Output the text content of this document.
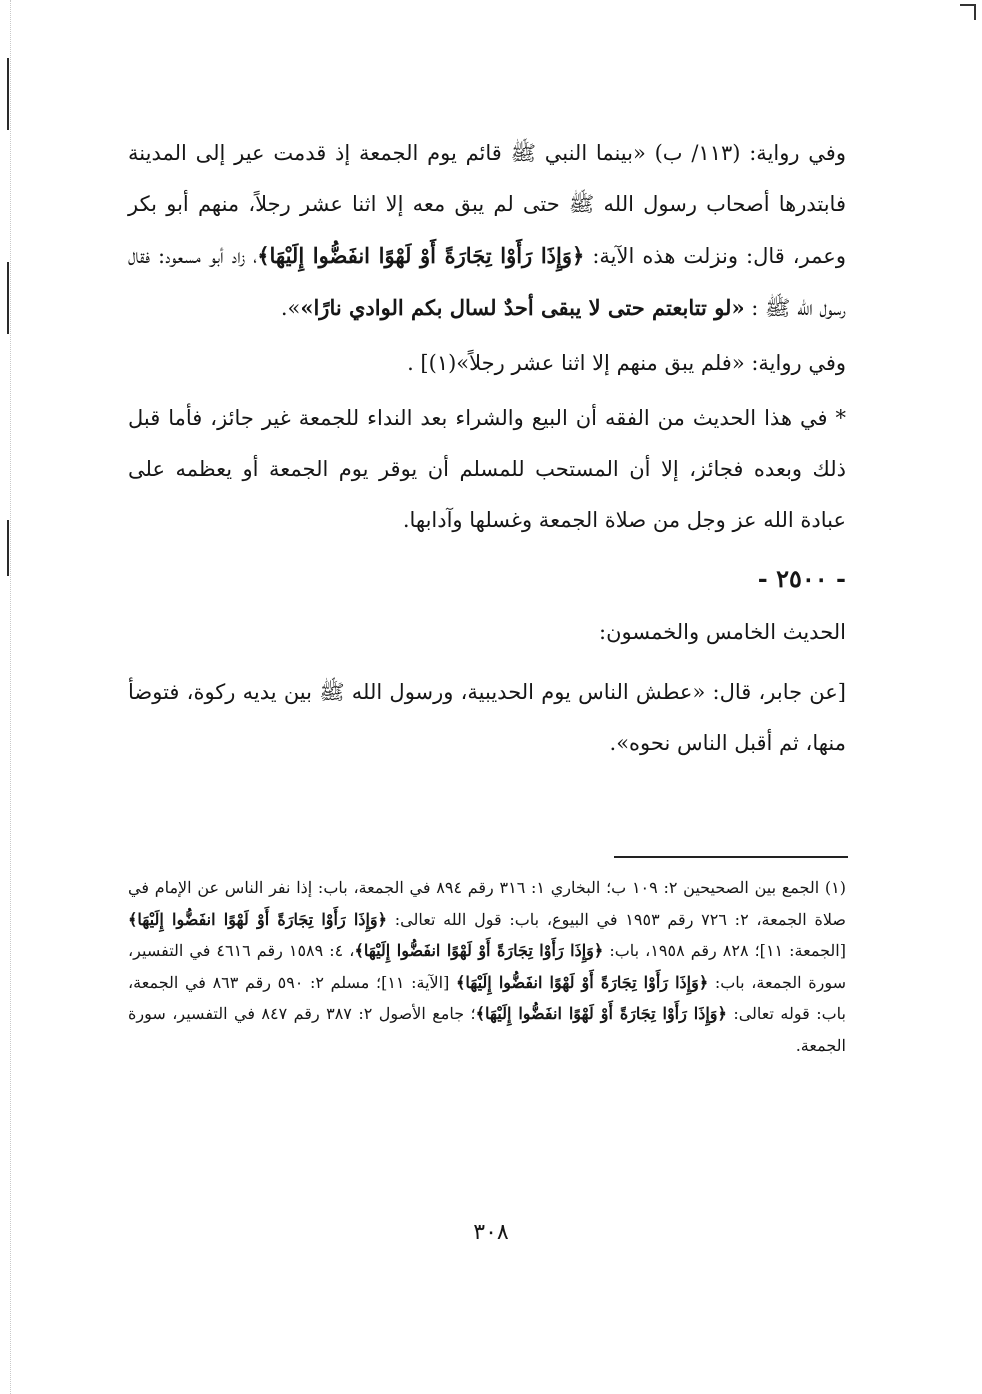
وفي رواية: (١١٣/ ب) «بينما النبي ﷺ قائم يوم الجمعة إذ قدمت عير إلى المدينة فابتدرها أصحاب رسول الله ﷺ حتى لم يبق معه إلا اثنا عشر رجلاً، منهم أبو بكر وعمر، قال: ونزلت هذه الآية: ﴿وَإِذَا رَأَوْا تِجَارَةً أَوْ لَهْوًا انفَضُّوا إِلَيْهَا﴾، زاد أبو مسعود: فقال رسول الله ﷺ : «لو تتابعتم حتى لا يبقى أحدٌ لسال بكم الوادي نارًا»».

وفي رواية: «فلم يبق منهم إلا اثنا عشر رجلاً»(١)] .

* في هذا الحديث من الفقه أن البيع والشراء بعد النداء للجمعة غير جائز، فأما قبل ذلك وبعده فجائز، إلا أن المستحب للمسلم أن يوقر يوم الجمعة أو يعظمه على عبادة الله عز وجل من صلاة الجمعة وغسلها وآدابها.

- ٢٥٠٠ -

الحديث الخامس والخمسون:

[عن جابر، قال: «عطش الناس يوم الحديبية، ورسول الله ﷺ بين يديه ركوة، فتوضأ منها، ثم أقبل الناس نحوه».

(١) الجمع بين الصحيحين ٢: ١٠٩ ب؛ البخاري ١: ٣١٦ رقم ٨٩٤ في الجمعة، باب: إذا نفر الناس عن الإمام في صلاة الجمعة، ٢: ٧٢٦ رقم ١٩٥٣ في البيوع، باب: قول الله تعالى: ﴿وَإِذَا رَأَوْا تِجَارَةً أَوْ لَهْوًا انفَضُّوا إِلَيْهَا﴾ [الجمعة: ١١]؛ ٨٢٨ رقم ١٩٥٨، باب: ﴿وَإِذَا رَأَوْا تِجَارَةً أَوْ لَهْوًا انفَضُّوا إِلَيْهَا﴾، ٤: ١٥٨٩ رقم ٤٦١٦ في التفسير، سورة الجمعة، باب: ﴿وَإِذَا رَأَوْا تِجَارَةً أَوْ لَهْوًا انفَضُّوا إِلَيْهَا﴾ [الآية: ١١]؛ مسلم ٢: ٥٩٠ رقم ٨٦٣ في الجمعة، باب: قوله تعالى: ﴿وَإِذَا رَأَوْا تِجَارَةً أَوْ لَهْوًا انفَضُّوا إِلَيْهَا﴾؛ جامع الأصول ٢: ٣٨٧ رقم ٨٤٧ في التفسير، سورة الجمعة.

٣٠٨
